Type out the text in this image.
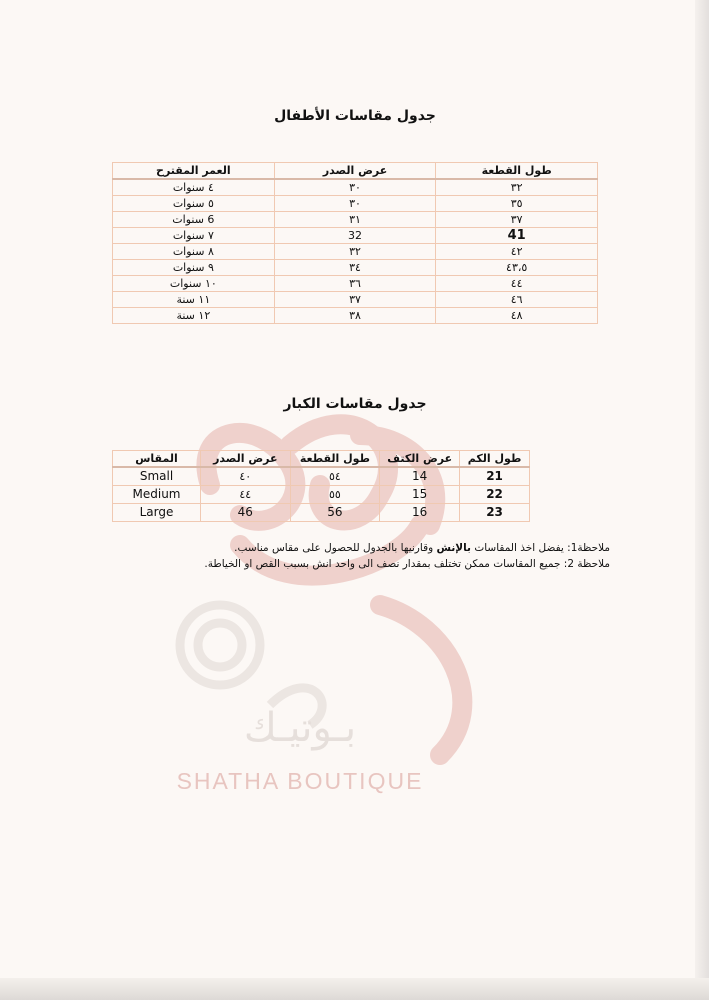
بـوتيـك
SHATHA BOUTIQUE
جدول مقاسات الأطفال
طول القطعة	عرض الصدر	العمر المقترح
٣٢	٣٠	٤ سنوات
٣٥	٣٠	٥ سنوات
٣٧	٣١	6 سنوات
41	32	٧ سنوات
٤٢	٣٢	٨ سنوات
٤٣،٥	٣٤	٩ سنوات
٤٤	٣٦	١٠ سنوات
٤٦	٣٧	١١ سنة
٤٨	٣٨	١٢ سنة
جدول مقاسات الكبار
طول الكم	عرض الكتف	طول القطعة	عرض الصدر	المقاس
21	14	٥٤	٤٠	Small
22	15	٥٥	٤٤	Medium
23	16	56	46	Large

ملاحظة1: يفضل اخذ المقاسات بالإنش وقارنيها بالجدول للحصول على مقاس مناسب.

ملاحظة 2: جميع المقاسات ممكن تختلف بمقدار نصف الى واحد انش بسبب القص او الخياطة.
